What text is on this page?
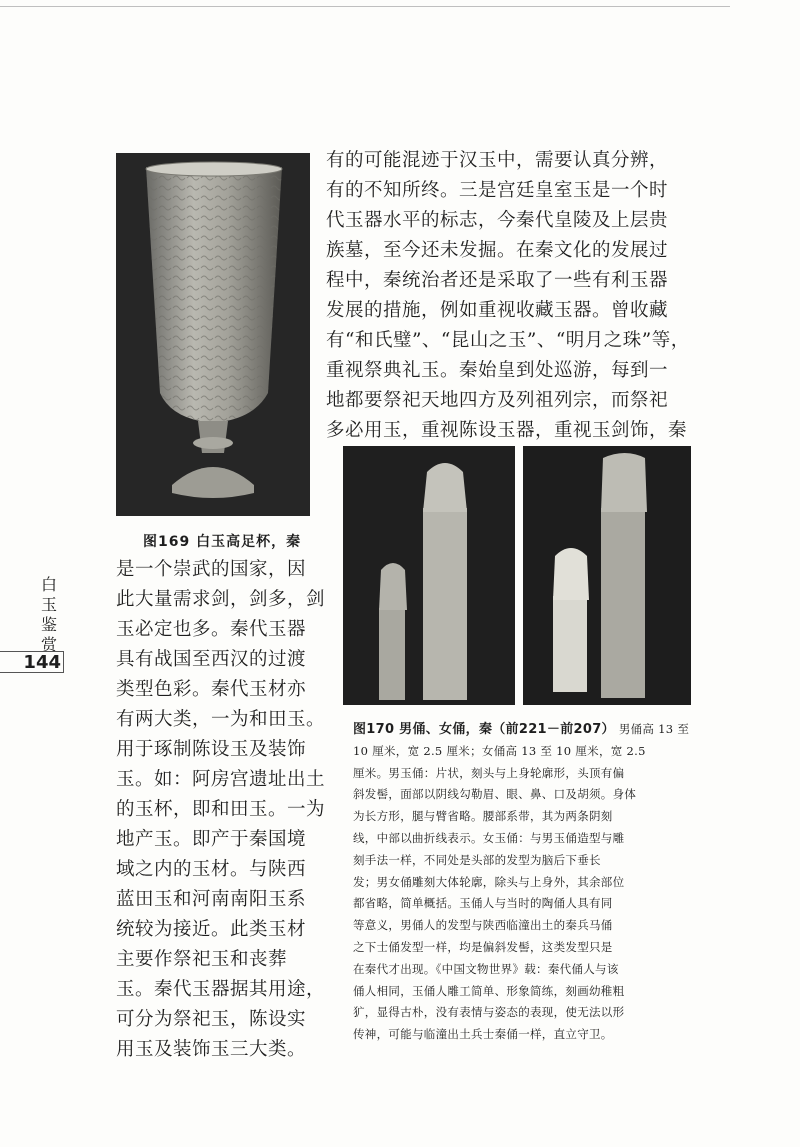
图169 白玉高足杯，秦
有的可能混迹于汉玉中，需要认真分辨，
有的不知所终。三是宫廷皇室玉是一个时
代玉器水平的标志，今秦代皇陵及上层贵
族墓，至今还未发掘。在秦文化的发展过
程中，秦统治者还是采取了一些有利玉器
发展的措施，例如重视收藏玉器。曾收藏
有“和氏璧”、“昆山之玉”、“明月之珠”等，
重视祭典礼玉。秦始皇到处巡游，每到一
地都要祭祀天地四方及列祖列宗，而祭祀
多必用玉，重视陈设玉器，重视玉剑饰，秦
图170 男俑、女俑，秦（前221－前207） 男俑高 13 至
10 厘米，宽 2.5 厘米；女俑高 13 至 10 厘米，宽 2.5
厘米。男玉俑：片状，刻头与上身轮廓形，头顶有偏
斜发髻，面部以阴线勾勒眉、眼、鼻、口及胡须。身体
为长方形，腿与臂省略。腰部系带，其为两条阴刻
线，中部以曲折线表示。女玉俑：与男玉俑造型与雕
刻手法一样，不同处是头部的发型为脑后下垂长
发；男女俑雕刻大体轮廓，除头与上身外，其余部位
都省略，简单概括。玉俑人与当时的陶俑人具有同
等意义，男俑人的发型与陕西临潼出土的秦兵马俑
之下士俑发型一样，均是偏斜发髻，这类发型只是
在秦代才出现。《中国文物世界》载：秦代俑人与该
俑人相同，玉俑人雕工简单、形象简练，刻画幼稚粗
犷，显得古朴，没有表情与姿态的表现，使无法以形
传神，可能与临潼出土兵士秦俑一样，直立守卫。
白
玉
鉴
赏
144
是一个崇武的国家，因
此大量需求剑，剑多，剑
玉必定也多。秦代玉器
具有战国至西汉的过渡
类型色彩。秦代玉材亦
有两大类，一为和田玉。
用于琢制陈设玉及装饰
玉。如：阿房宫遗址出土
的玉杯，即和田玉。一为
地产玉。即产于秦国境
域之内的玉材。与陕西
蓝田玉和河南南阳玉系
统较为接近。此类玉材
主要作祭祀玉和丧葬
玉。秦代玉器据其用途，
可分为祭祀玉，陈设实
用玉及装饰玉三大类。
